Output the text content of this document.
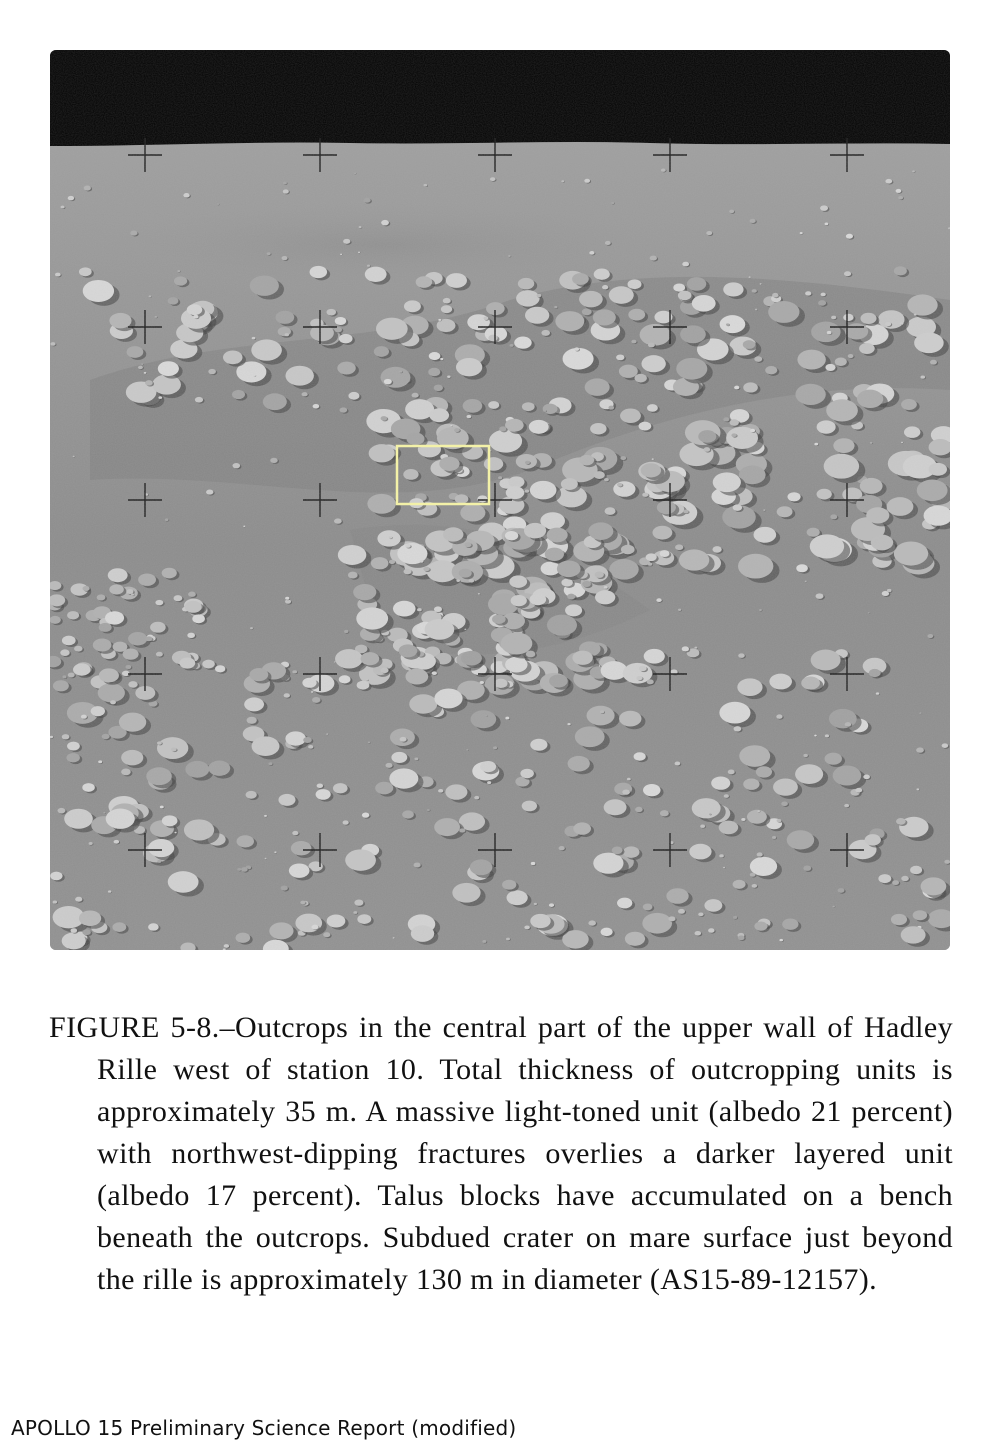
FIGURE 5-8.–Outcrops in the central part of the upper wall of Hadley Rille west of station 10. Total thickness of outcropping units is approximately 35 m. A massive light-toned unit (albedo 21 percent) with northwest-dipping fractures overlies a darker layered unit (albedo 17 percent). Talus blocks have accumulated on a bench beneath the outcrops. Subdued crater on mare surface just beyond the rille is approximately 130 m in diameter (AS15-89-12157).
APOLLO 15 Preliminary Science Report (modified)
